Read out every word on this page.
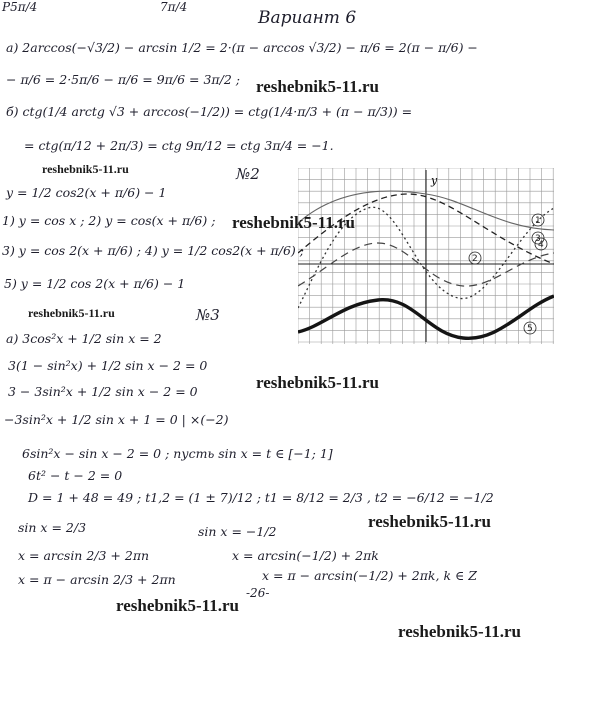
P5π/4	7π/4
Вариант 6
а) 2arccos(−√3/2) − arcsin 1/2 = 2·(π − arccos √3/2) − π/6 = 2(π − π/6) −
− π/6 = 2·5π/6 − π/6 = 9π/6 = 3π/2 ; reshebnik5-11.ru
б) ctg(1/4 arctg √3 + arccos(−1/2)) = ctg(1/4·π/3 + (π − π/3)) =
= ctg(π/12 + 2π/3) = ctg 9π/12 = ctg 3π/4 = −1.
reshebnik5-11.ru	№2
y = 1/2 cos2(x + π/6) − 1
1) y = cos x ; 2) y = cos(x + π/6) ;
3) y = cos 2(x + π/6) ; 4) y = 1/2 cos2(x + π/6) ;
5) y = 1/2 cos 2(x + π/6) − 1
y
1
2
3
4
5
reshebnik5-11.ru
reshebnik5-11.ru	№3
а) 3cos²x + 1/2 sin x = 2
3(1 − sin²x) + 1/2 sin x − 2 = 0
reshebnik5-11.ru
3 − 3sin²x + 1/2 sin x − 2 = 0
−3sin²x + 1/2 sin x + 1 = 0 | ×(−2)
6sin²x − sin x − 2 = 0 ; пусть sin x = t ∈ [−1; 1]
6t² − t − 2 = 0
D = 1 + 48 = 49 ; t1,2 = (1 ± 7)/12 ; t1 = 8/12 = 2/3 , t2 = −6/12 = −1/2
sin x = 2/3	reshebnik5-11.ru
sin x = −1/2
x = arcsin 2/3 + 2πn	x = arcsin(−1/2) + 2πk
x = π − arcsin 2/3 + 2πn	x = π − arcsin(−1/2) + 2πk, k ∈ Z
-26-
reshebnik5-11.ru
reshebnik5-11.ru
